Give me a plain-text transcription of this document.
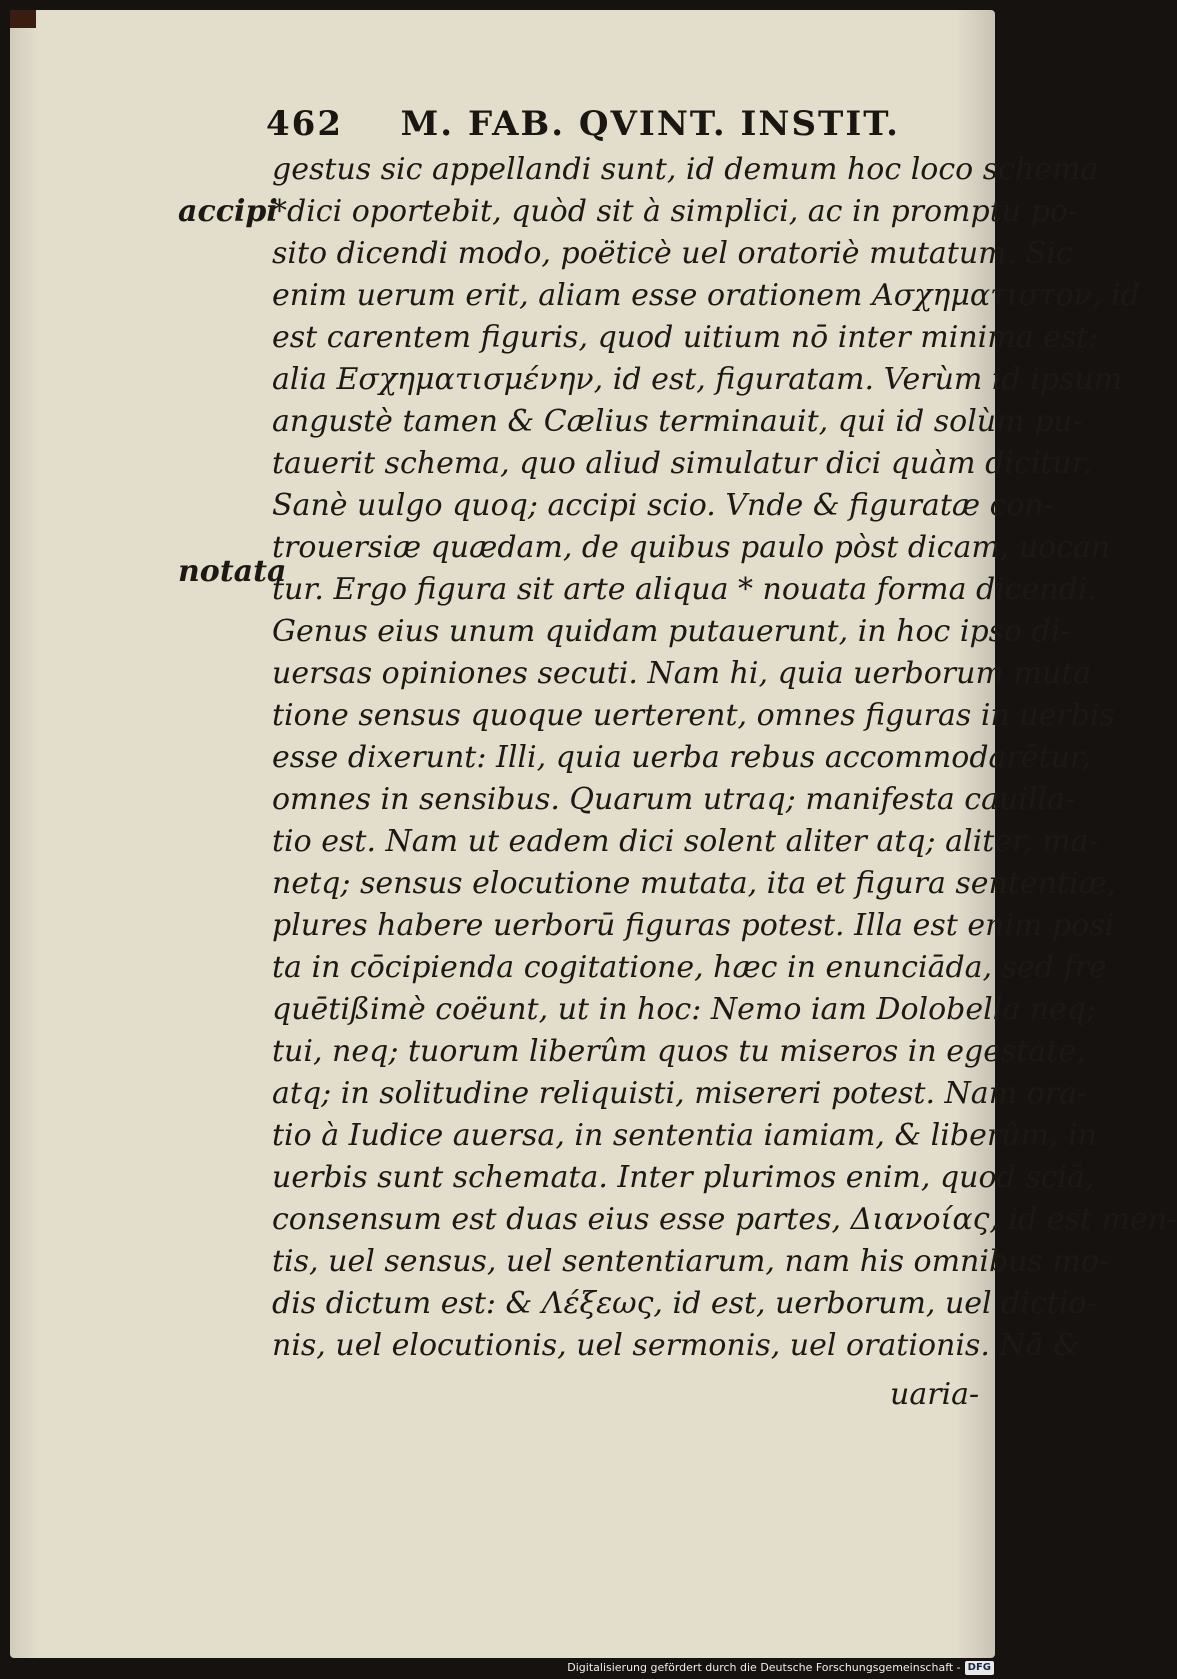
462 M. FAB. QVINT. INSTIT.
accipi
notata
gestus sic appellandi sunt, id demum hoc loco schema
*dici oportebit, quòd sit à simplici, ac in promptu po-
sito dicendi modo, poëticè uel oratoriè mutatum. Sic
enim uerum erit, aliam esse orationem Ασχηματιστον, id
est carentem figuris, quod uitium nō inter minima est:
alia Εσχηματισμένην, id est, figuratam. Verùm id ipsum
angustè tamen & Cælius terminauit, qui id solùm pu-
tauerit schema, quo aliud simulatur dici quàm dicitur.
Sanè uulgo quoq; accipi scio. Vnde & figuratæ con-
trouersiæ quædam, de quibus paulo pòst dicam, uocan
tur. Ergo figura sit arte aliqua * nouata forma dicendi.
Genus eius unum quidam putauerunt, in hoc ipso di-
uersas opiniones secuti. Nam hi, quia uerborum muta
tione sensus quoque uerterent, omnes figuras in uerbis
esse dixerunt: Illi, quia uerba rebus accommodarētur,
omnes in sensibus. Quarum utraq; manifesta cauilla-
tio est. Nam ut eadem dici solent aliter atq; aliter, ma-
netq; sensus elocutione mutata, ita et figura sententiæ,
plures habere uerborū figuras potest. Illa est enim posi
ta in cōcipienda cogitatione, hæc in enunciāda, sed fre
quētißimè coëunt, ut in hoc: Nemo iam Dolobella neq;
tui, neq; tuorum liberûm quos tu miseros in egestate,
atq; in solitudine reliquisti, misereri potest. Nam ora-
tio à Iudice auersa, in sententia iamiam, & liberûm, in
uerbis sunt schemata. Inter plurimos enim, quod sciā,
consensum est duas eius esse partes, Διανοίας, id est men-
tis, uel sensus, uel sententiarum, nam his omnibus mo-
dis dictum est: & Λέξεως, id est, uerborum, uel dictio-
nis, uel elocutionis, uel sermonis, uel orationis. Nā &
uaria-
Digitalisierung gefördert durch die Deutsche Forschungsgemeinschaft - DFG
